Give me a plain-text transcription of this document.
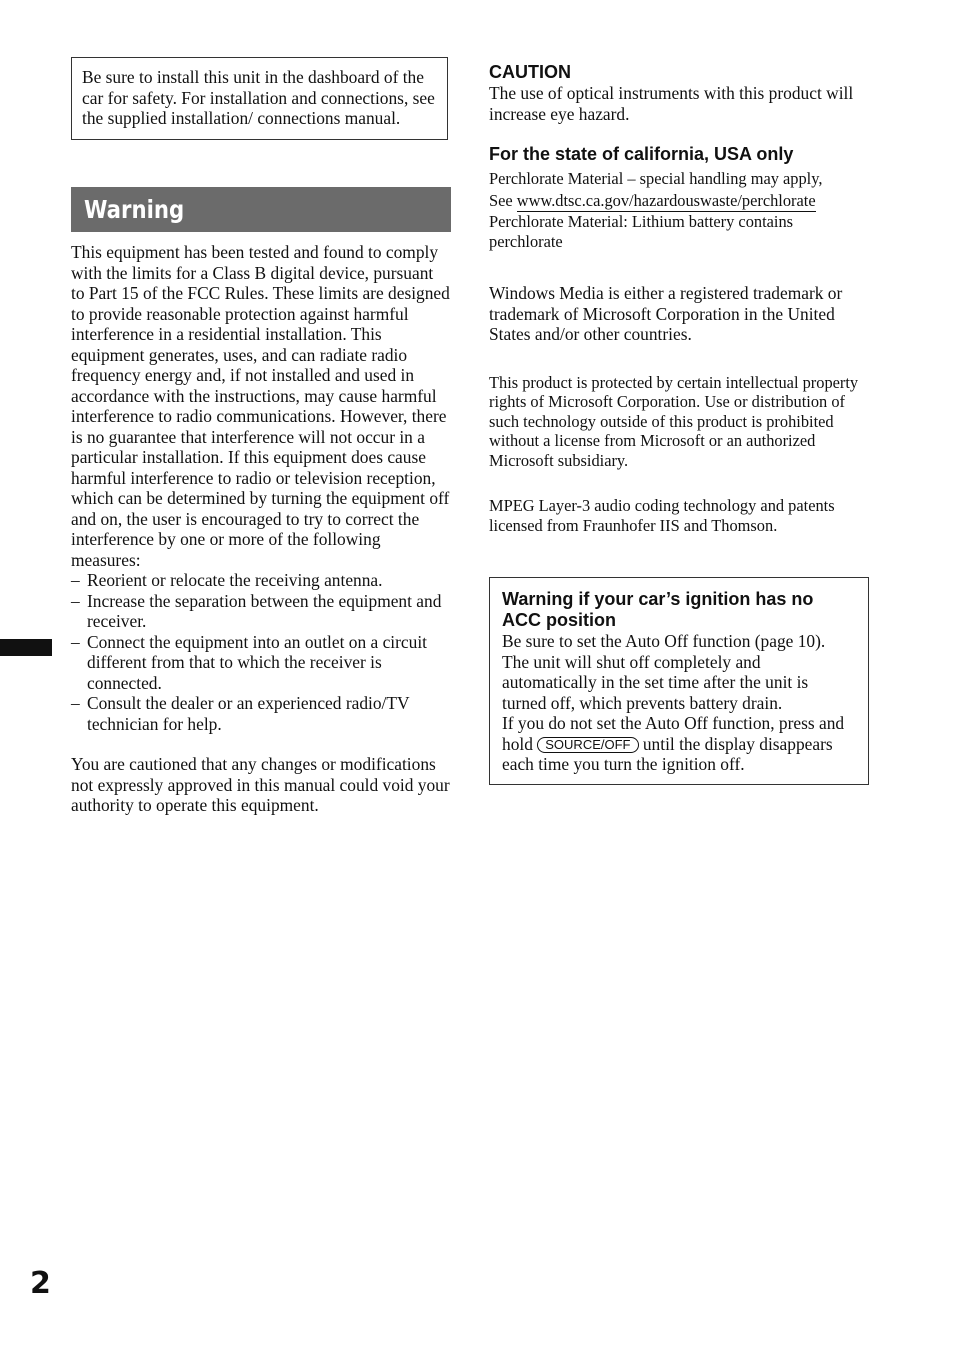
Be sure to install this unit in the dashboard of the car for safety. For installation and connections, see the supplied installation/ connections manual.

Warning

This equipment has been tested and found to comply with the limits for a Class B digital device, pursuant to Part 15 of the FCC Rules. These limits are designed to provide reasonable protection against harmful interference in a residential installation. This equipment generates, uses, and can radiate radio frequency energy and, if not installed and used in accordance with the instructions, may cause harmful interference to radio communications. However, there is no guarantee that interference will not occur in a particular installation. If this equipment does cause harmful interference to radio or television reception, which can be determined by turning the equipment off and on, the user is encouraged to try to correct the interference by one or more of the following measures:

– Reorient or relocate the receiving antenna.
– Increase the separation between the equipment and receiver.
– Connect the equipment into an outlet on a circuit different from that to which the receiver is connected.
– Consult the dealer or an experienced radio/TV technician for help.

You are cautioned that any changes or modifications not expressly approved in this manual could void your authority to operate this equipment.

2
CAUTION

The use of optical instruments with this product will increase eye hazard.

For the state of california, USA only

Perchlorate Material – special handling may apply,

See www.dtsc.ca.gov/hazardouswaste/perchlorate

Perchlorate Material: Lithium battery contains perchlorate

Windows Media is either a registered trademark or trademark of Microsoft Corporation in the United States and/or other countries.

This product is protected by certain intellectual property rights of Microsoft Corporation. Use or distribution of such technology outside of this product is prohibited without a license from Microsoft or an authorized Microsoft subsidiary.

MPEG Layer-3 audio coding technology and patents licensed from Fraunhofer IIS and Thomson.

Warning if your car’s ignition has no ACC position

Be sure to set the Auto Off function (page 10). The unit will shut off completely and automatically in the set time after the unit is turned off, which prevents battery drain.

If you do not set the Auto Off function, press and hold SOURCE/OFF until the display disappears each time you turn the ignition off.
